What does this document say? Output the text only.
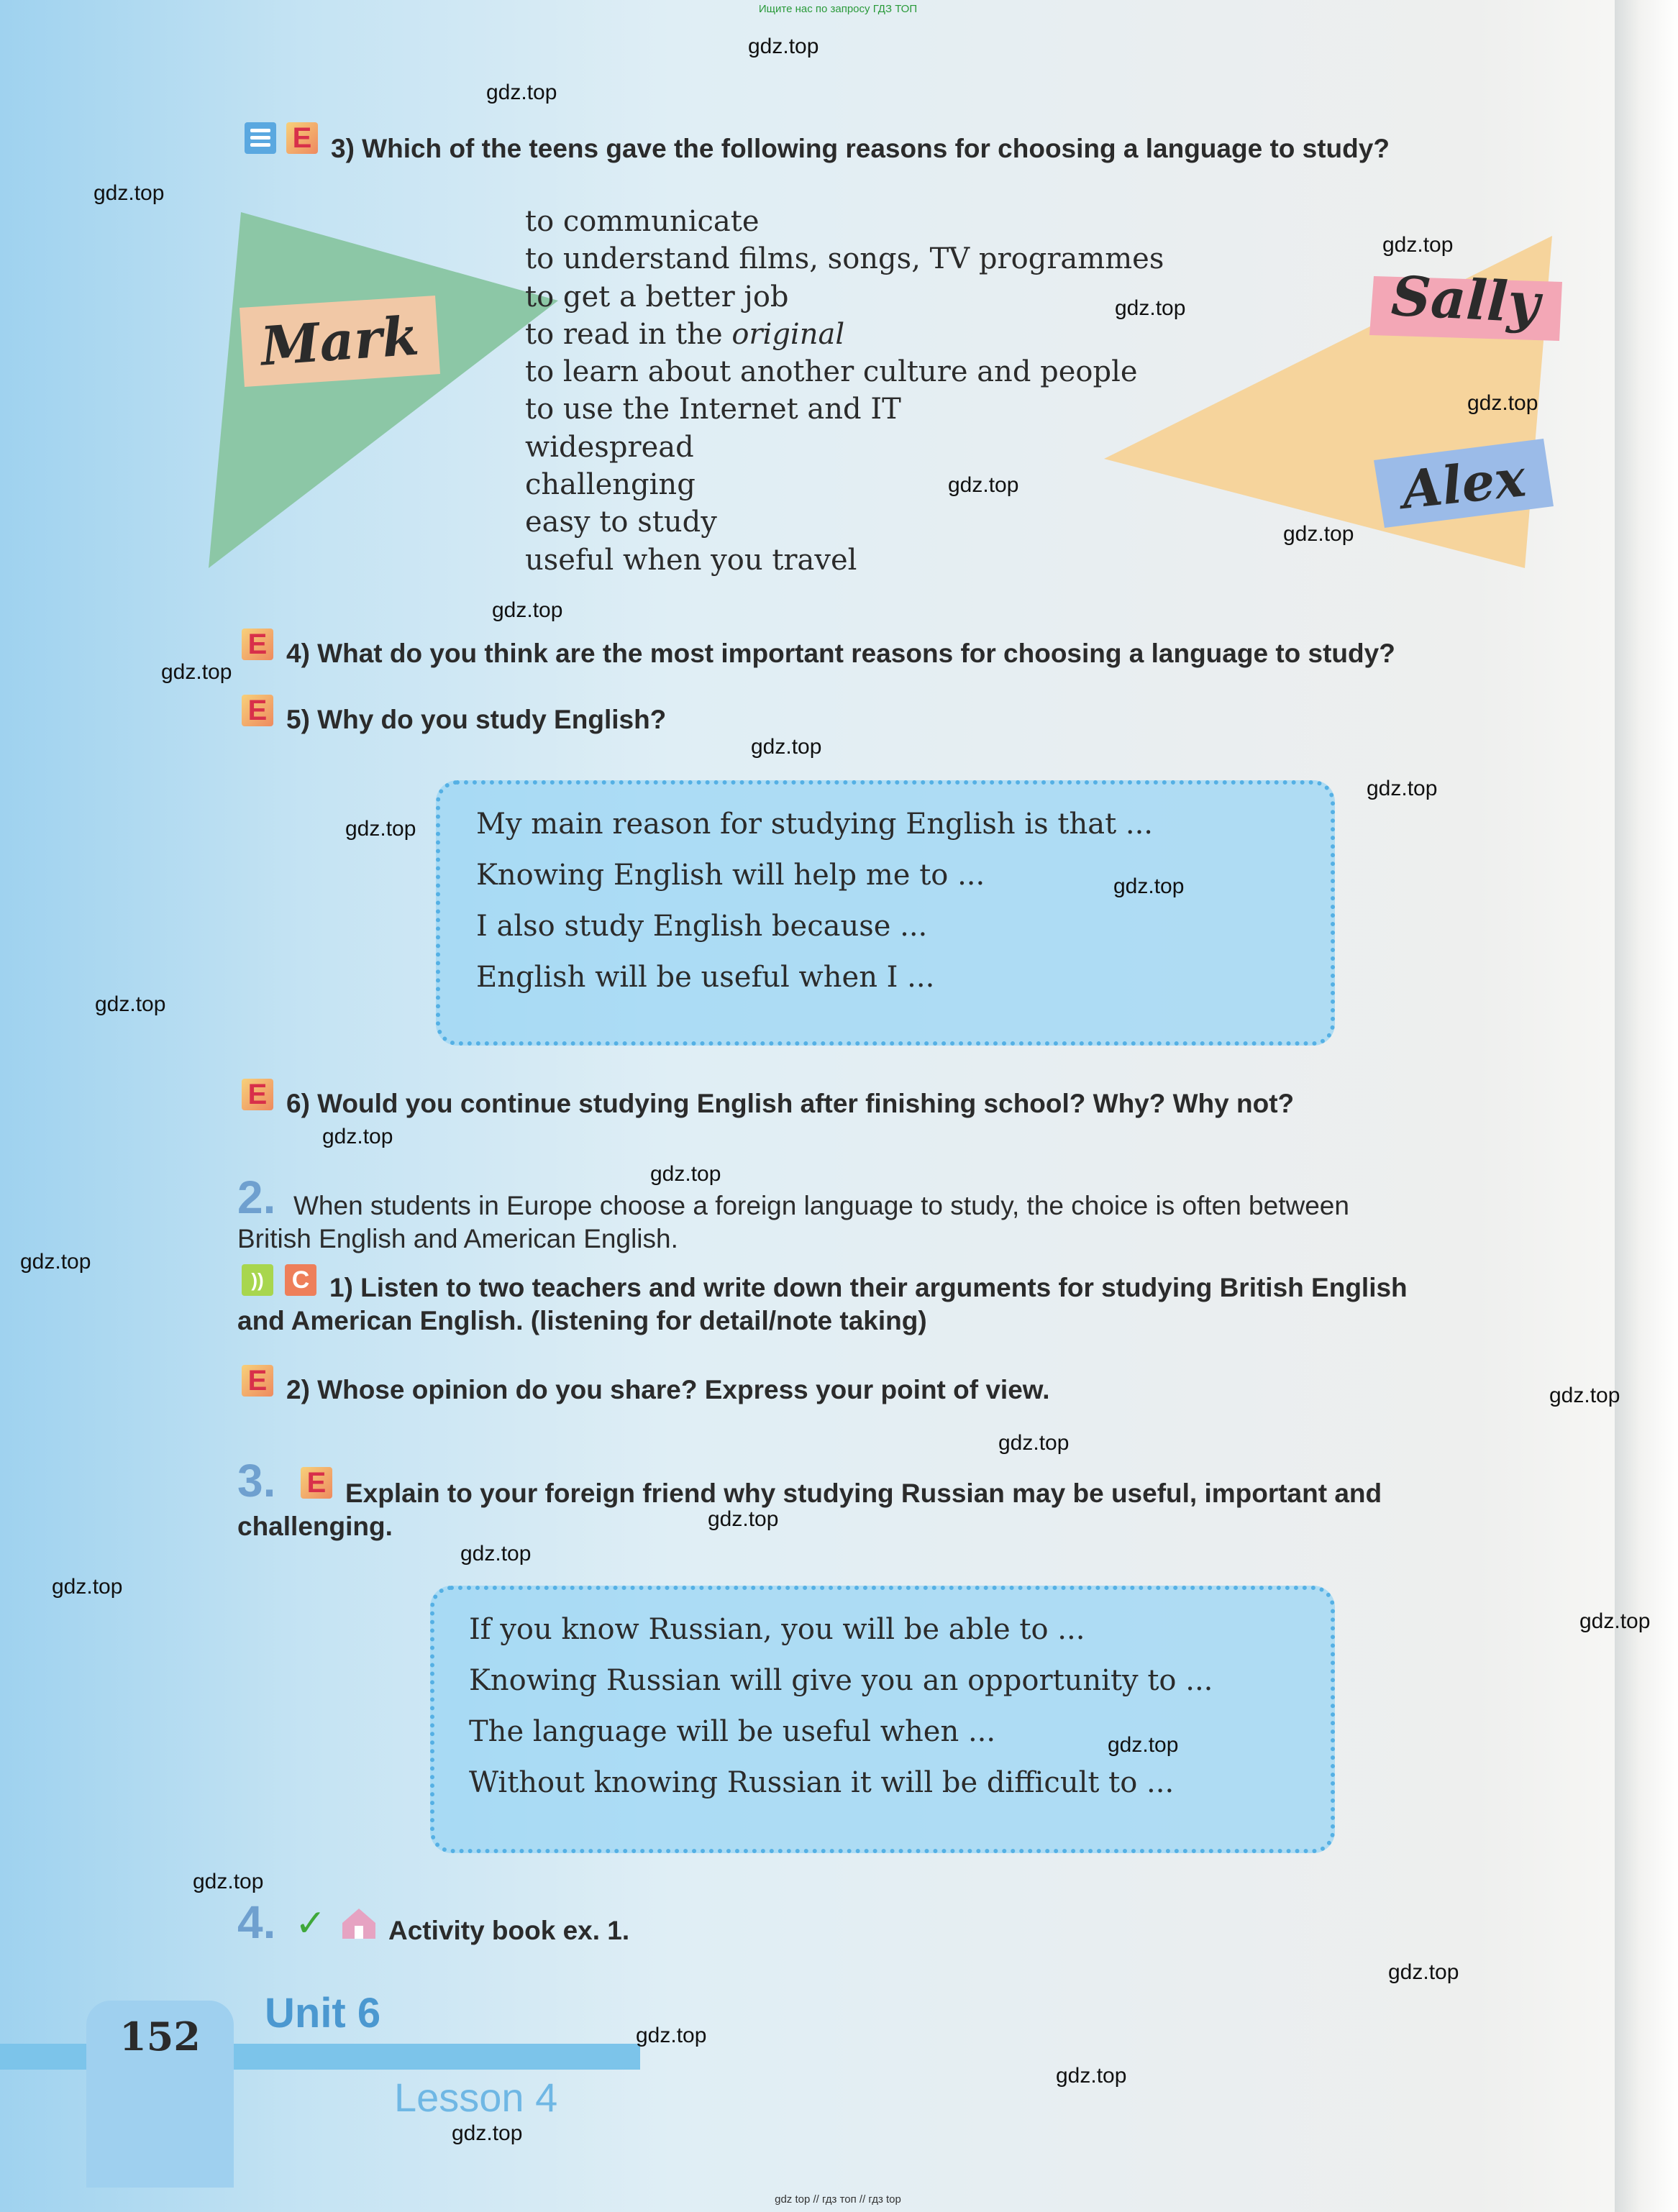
Ищите нас по запросу ГДЗ ТОП
E 3) Which of the teens gave the following reasons for choosing a language to study?
Mark
Sally
Alex
to communicate
to understand films, songs, TV programmes
to get a better job
to read in the original
to learn about another culture and people
to use the Internet and IT
widespread
challenging
easy to study
useful when you travel
E 4) What do you think are the most important reasons for choosing a language to study?
E 5) Why do you study English?
My main reason for studying English is that ...
Knowing English will help me to ...
I also study English because ...
English will be useful when I ...
E 6) Would you continue studying English after finishing school? Why? Why not?
2. When students in Europe choose a foreign language to study, the choice is often between
British English and American English.
))	C 1) Listen to two teachers and write down their arguments for studying British English
and American English. (listening for detail/note taking)
E 2) Whose opinion do you share? Express your point of view.
3. E Explain to your foreign friend why studying Russian may be useful, important and
challenging.
If you know Russian, you will be able to ...
Knowing Russian will give you an opportunity to ...
The language will be useful when ...
Without knowing Russian it will be difficult to ...
4. ✓ Activity book ex. 1.
152	Unit 6
Lesson 4
gdz top // гдз топ // гдз top
gdz.top
gdz.top
gdz.top
gdz.top
gdz.top
gdz.top
gdz.top
gdz.top
gdz.top
gdz.top
gdz.top
gdz.top
gdz.top
gdz.top
gdz.top
gdz.top
gdz.top
gdz.top
gdz.top
gdz.top
gdz.top
gdz.top
gdz.top
gdz.top
gdz.top
gdz.top
gdz.top
gdz.top
gdz.top
gdz.top
